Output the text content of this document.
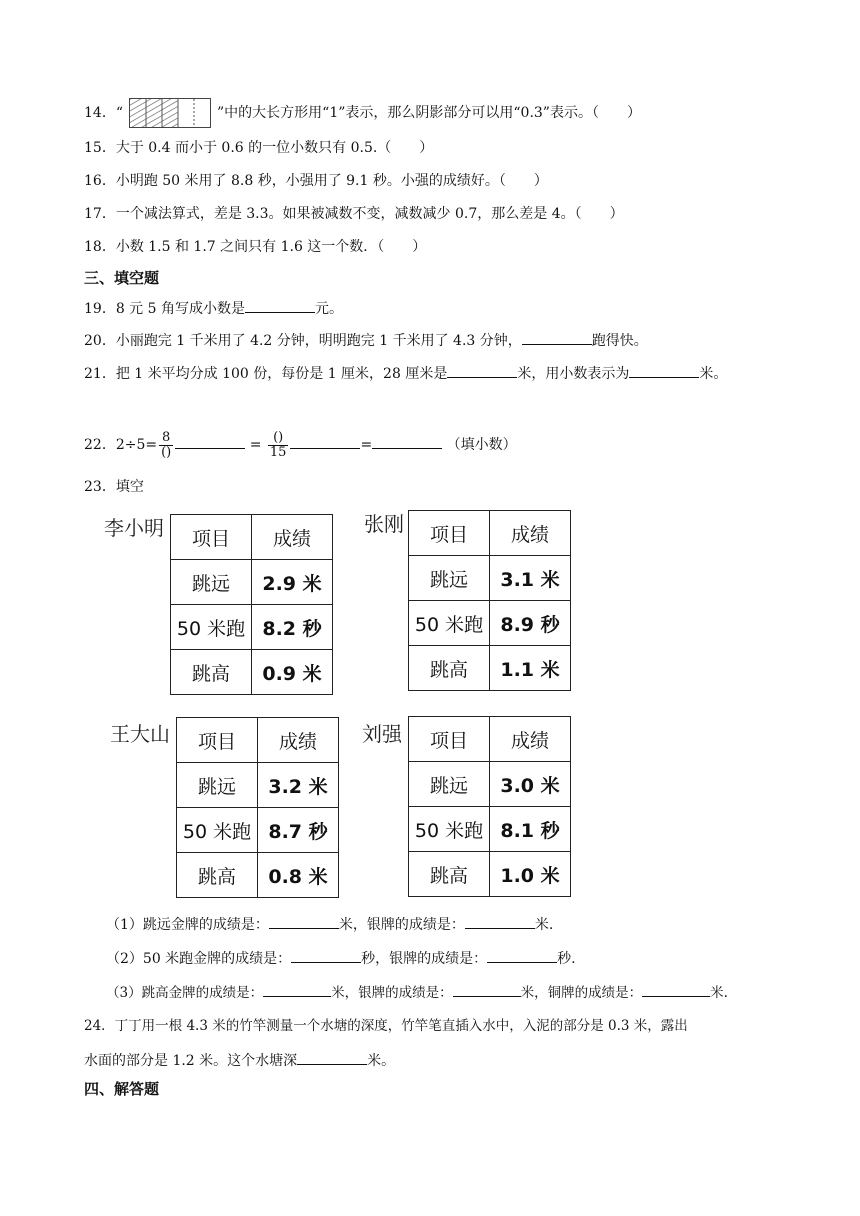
14．“	”中的大长方形用“1”表示，那么阴影部分可以用“0.3”表示。（　　）
15．大于 0.4 而小于 0.6 的一位小数只有 0.5.（　　）
16．小明跑 50 米用了 8.8 秒，小强用了 9.1 秒。小强的成绩好。（　　）
17．一个减法算式，差是 3.3。如果被减数不变，减数减少 0.7，那么差是 4。（　　）
18．小数 1.5 和 1.7 之间只有 1.6 这一个数．（　　）
三、填空题
19．8 元 5 角写成小数是	元。
20．小丽跑完 1 千米用了 4.2 分钟，明明跑完 1 千米用了 4.3 分钟，	跑得快。
21．把 1 米平均分成 100 份，每份是 1 厘米，28 厘米是	米，用小数表示为	米。
22．$2\div 5= \frac{8}{()}$	= $\frac{()}{15}$	=	（填小数）
23．填空
李小明 项目	成绩
跳远	2.9 米
50 米跑	8.2 秒
跳高	0.9 米
张刚 项目	成绩
跳远	3.1 米
50 米跑	8.9 秒
跳高	1.1 米
王大山 项目	成绩
跳远	3.2 米
50 米跑	8.7 秒
跳高	0.8 米
刘强 项目	成绩
跳远	3.0 米
50 米跑	8.1 秒
跳高	1.0 米
（1）跳远金牌的成绩是：	米，银牌的成绩是：	米.
（2）50 米跑金牌的成绩是：	秒，银牌的成绩是：	秒.
（3）跳高金牌的成绩是：	米，银牌的成绩是：	米，铜牌的成绩是：	米.
24．丁丁用一根 4.3 米的竹竿测量一个水塘的深度，竹竿笔直插入水中，入泥的部分是 0.3 米，露出
水面的部分是 1.2 米。这个水塘深	米。
四、解答题
